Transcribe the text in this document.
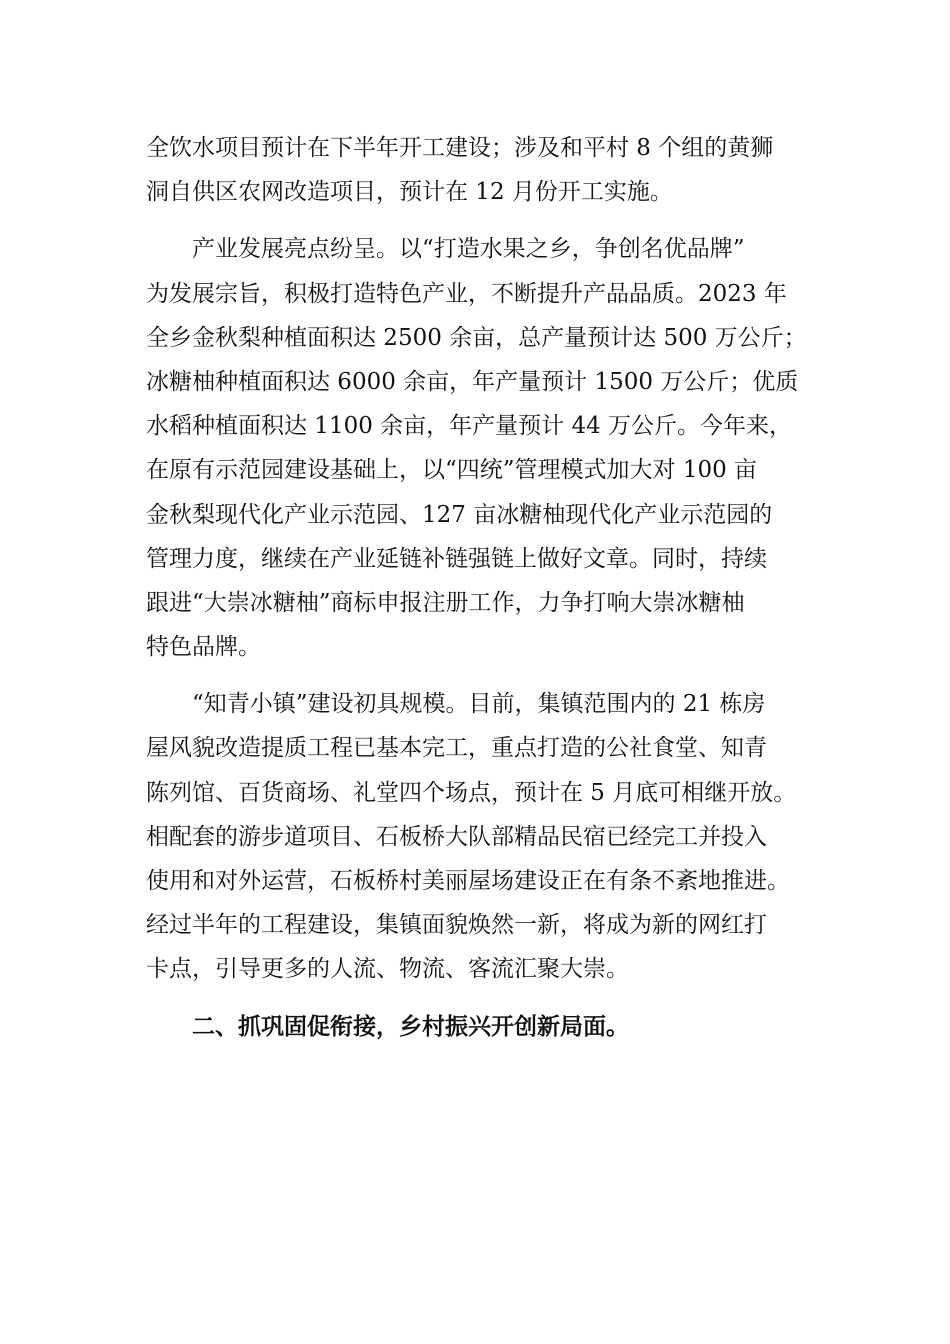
全饮水项目预计在下半年开工建设；涉及和平村 8 个组的黄狮
洞自供区农网改造项目，预计在 12 月份开工实施。
产业发展亮点纷呈。以“打造水果之乡，争创名优品牌”
为发展宗旨，积极打造特色产业，不断提升产品品质。2023 年
全乡金秋梨种植面积达 2500 余亩，总产量预计达 500 万公斤；
冰糖柚种植面积达 6000 余亩，年产量预计 1500 万公斤；优质
水稻种植面积达 1100 余亩，年产量预计 44 万公斤。今年来，
在原有示范园建设基础上，以“四统”管理模式加大对 100 亩
金秋梨现代化产业示范园、127 亩冰糖柚现代化产业示范园的
管理力度，继续在产业延链补链强链上做好文章。同时，持续
跟进“大崇冰糖柚”商标申报注册工作，力争打响大崇冰糖柚
特色品牌。
“知青小镇”建设初具规模。目前，集镇范围内的 21 栋房
屋风貌改造提质工程已基本完工，重点打造的公社食堂、知青
陈列馆、百货商场、礼堂四个场点，预计在 5 月底可相继开放。
相配套的游步道项目、石板桥大队部精品民宿已经完工并投入
使用和对外运营，石板桥村美丽屋场建设正在有条不紊地推进。
经过半年的工程建设，集镇面貌焕然一新，将成为新的网红打
卡点，引导更多的人流、物流、客流汇聚大崇。
二、抓巩固促衔接，乡村振兴开创新局面。
